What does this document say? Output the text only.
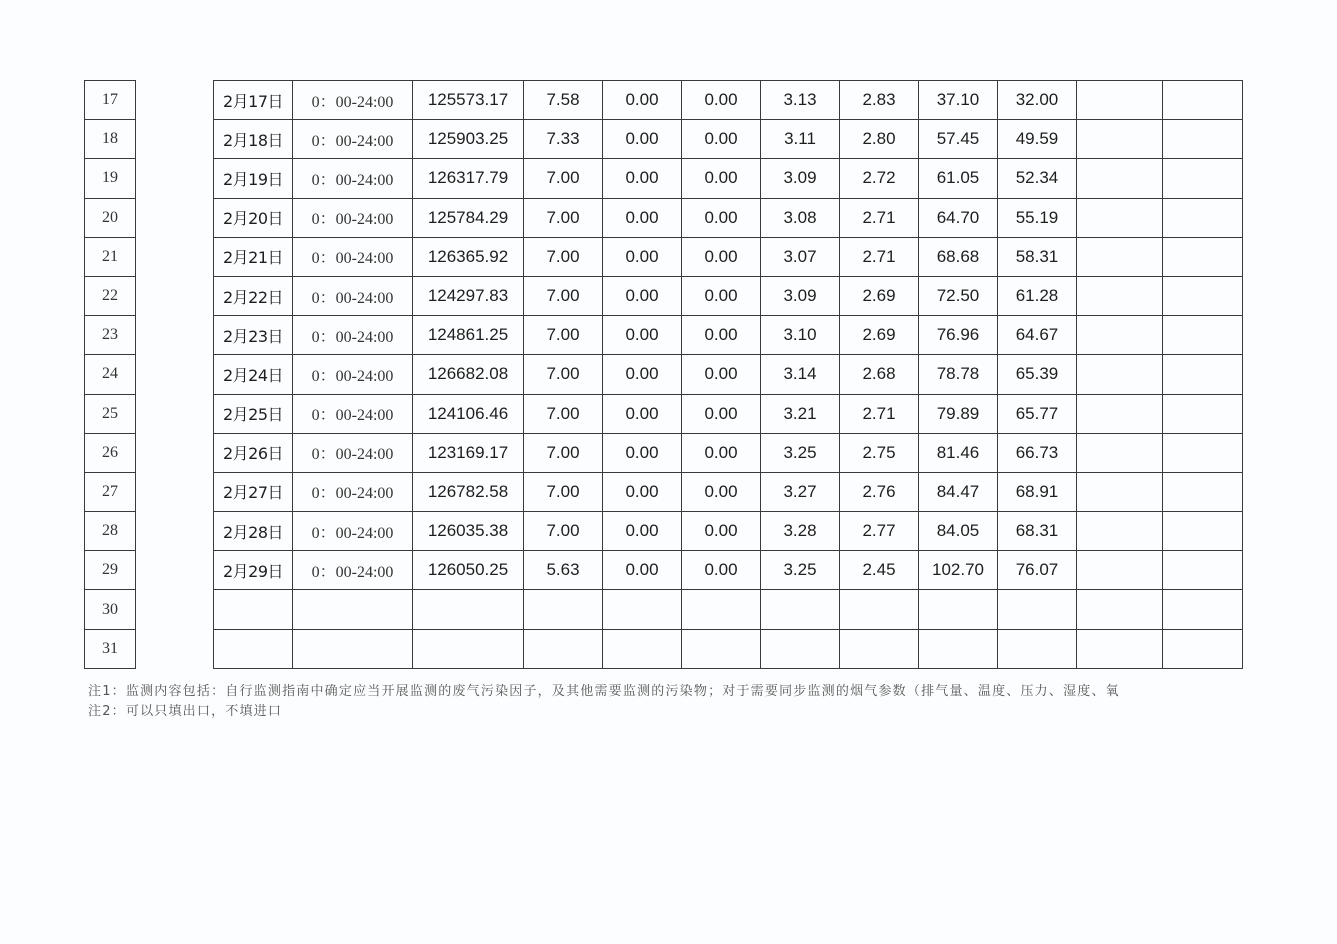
17		2月17日	0：00-24:00	125573.17	7.58	0.00	0.00	3.13	2.83	37.10	32.00		
18		2月18日	0：00-24:00	125903.25	7.33	0.00	0.00	3.11	2.80	57.45	49.59		
19		2月19日	0：00-24:00	126317.79	7.00	0.00	0.00	3.09	2.72	61.05	52.34		
20		2月20日	0：00-24:00	125784.29	7.00	0.00	0.00	3.08	2.71	64.70	55.19		
21		2月21日	0：00-24:00	126365.92	7.00	0.00	0.00	3.07	2.71	68.68	58.31		
22		2月22日	0：00-24:00	124297.83	7.00	0.00	0.00	3.09	2.69	72.50	61.28		
23		2月23日	0：00-24:00	124861.25	7.00	0.00	0.00	3.10	2.69	76.96	64.67		
24		2月24日	0：00-24:00	126682.08	7.00	0.00	0.00	3.14	2.68	78.78	65.39		
25		2月25日	0：00-24:00	124106.46	7.00	0.00	0.00	3.21	2.71	79.89	65.77		
26		2月26日	0：00-24:00	123169.17	7.00	0.00	0.00	3.25	2.75	81.46	66.73		
27		2月27日	0：00-24:00	126782.58	7.00	0.00	0.00	3.27	2.76	84.47	68.91		
28		2月28日	0：00-24:00	126035.38	7.00	0.00	0.00	3.28	2.77	84.05	68.31		
29		2月29日	0：00-24:00	126050.25	5.63	0.00	0.00	3.25	2.45	102.70	76.07		
30													
31													
注1：监测内容包括：自行监测指南中确定应当开展监测的废气污染因子，及其他需要监测的污染物；对于需要同步监测的烟气参数（排气量、温度、压力、湿度、氧
注2：可以只填出口，不填进口
